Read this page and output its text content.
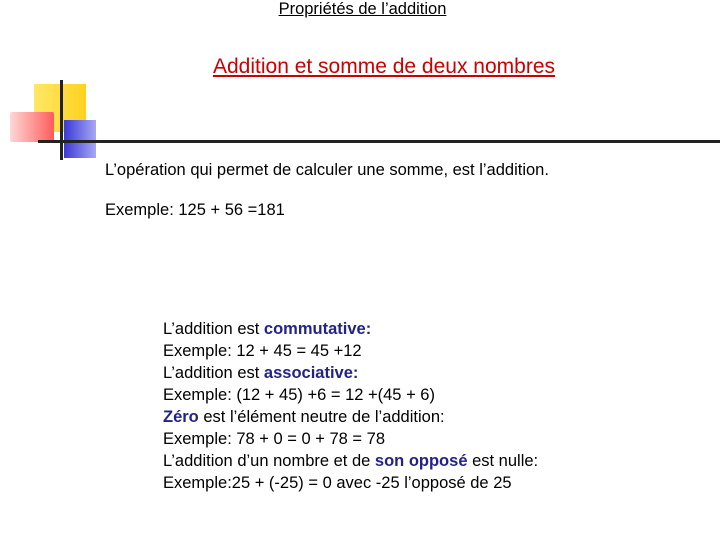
Addition et somme de deux nombres
L’opération qui permet de calculer une somme, est l’addition.
Exemple: 125 + 56 =181
Propriétés de l’addition
L’addition est commutative:
Exemple: 12 + 45 = 45 +12
L’addition est associative:
Exemple: (12 + 45) +6 = 12 +(45 + 6)
Zéro est l’élément neutre de l’addition:
Exemple: 78 + 0 = 0 + 78 = 78
L’addition d’un nombre et de son opposé est nulle:
Exemple:25 + (-25) = 0 avec -25 l’opposé de 25
